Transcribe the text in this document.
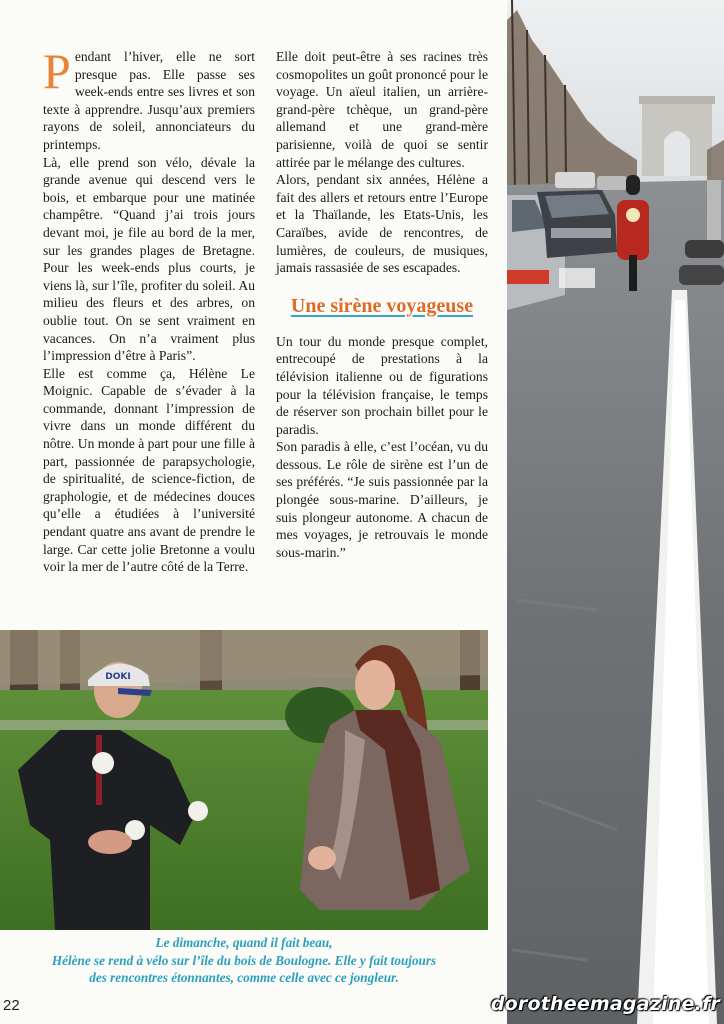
Pendant l’hiver, elle ne sort presque pas. Elle passe ses week-ends entre ses livres et son texte à apprendre. Jusqu’aux premiers rayons de soleil, annonciateurs du printemps.

Là, elle prend son vélo, dévale la grande avenue qui descend vers le bois, et embarque pour une matinée champêtre. “Quand j’ai trois jours devant moi, je file au bord de la mer, sur les grandes plages de Bretagne. Pour les week-ends plus courts, je viens là, sur l’île, profiter du soleil. Au milieu des fleurs et des arbres, on oublie tout. On se sent vraiment en vacances. On n’a vraiment plus l’impression d’être à Paris”.

Elle est comme ça, Hélène Le Moignic. Capable de s’évader à la commande, donnant l’impression de vivre dans un monde différent du nôtre. Un monde à part pour une fille à part, passionnée de parapsychologie, de spiritualité, de science-fiction, de graphologie, et de médecines douces qu’elle a étudiées à l’université pendant quatre ans avant de prendre le large. Car cette jolie Bretonne a voulu voir la mer de l’autre côté de la Terre.

Elle doit peut-être à ses racines très cosmopolites un goût prononcé pour le voyage. Un aïeul italien, un arrière-grand-père tchèque, un grand-père allemand et une grand-mère parisienne, voilà de quoi se sentir attirée par le mélange des cultures.

Alors, pendant six années, Hélène a fait des allers et retours entre l’Europe et la Thaïlande, les Etats-Unis, les Caraïbes, avide de rencontres, de lumières, de couleurs, de musiques, jamais rassasiée de ses escapades.

Une sirène voyageuse

Un tour du monde presque complet, entrecoupé de prestations à la télévision italienne ou de figurations pour la télévision française, le temps de réserver son prochain billet pour le paradis.

Son paradis à elle, c’est l’océan, vu du dessous. Le rôle de sirène est l’un de ses préférés. “Je suis passionnée par la plongée sous-marine. D’ailleurs, je suis plongeur autonome. A chacun de mes voyages, je retrouvais le monde sous-marin.”

DOKI
Le dimanche, quand il fait beau,
Hélène se rend à vélo sur l’île du bois de Boulogne. Elle y fait toujours
des rencontres étonnantes, comme celle avec ce jongleur.
22	dorotheemagazine.fr
